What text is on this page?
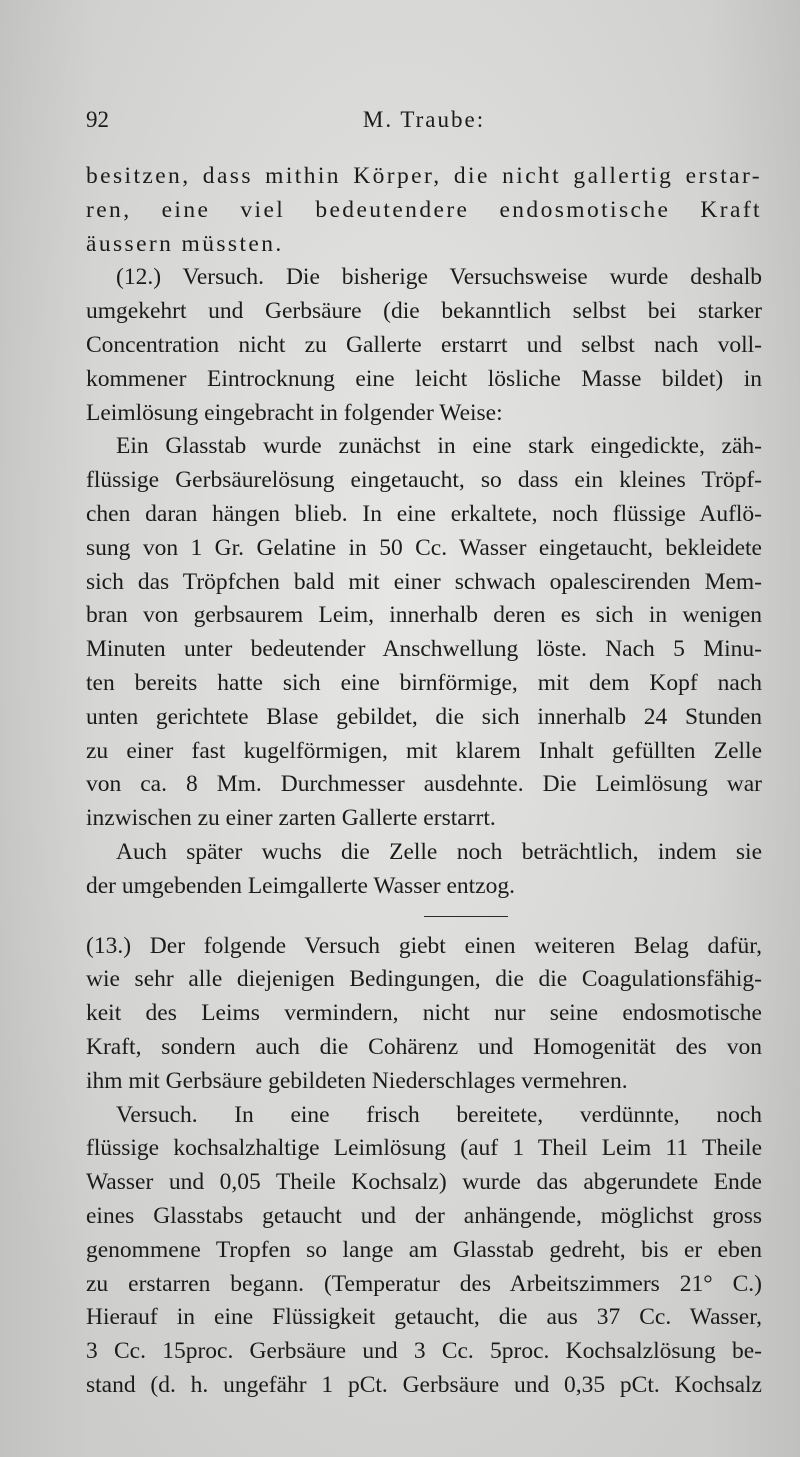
92	M. Traube:
besitzen, dass mithin Körper, die nicht gallertig erstar-
ren, eine viel bedeutendere endosmotische Kraft
äussern müssten.
(12.) Versuch. Die bisherige Versuchsweise wurde deshalb
umgekehrt und Gerbsäure (die bekanntlich selbst bei starker
Concentration nicht zu Gallerte erstarrt und selbst nach voll-
kommener Eintrocknung eine leicht lösliche Masse bildet) in
Leimlösung eingebracht in folgender Weise:
Ein Glasstab wurde zunächst in eine stark eingedickte, zäh-
flüssige Gerbsäurelösung eingetaucht, so dass ein kleines Tröpf-
chen daran hängen blieb. In eine erkaltete, noch flüssige Auflö-
sung von 1 Gr. Gelatine in 50 Cc. Wasser eingetaucht, bekleidete
sich das Tröpfchen bald mit einer schwach opalescirenden Mem-
bran von gerbsaurem Leim, innerhalb deren es sich in wenigen
Minuten unter bedeutender Anschwellung löste. Nach 5 Minu-
ten bereits hatte sich eine birnförmige, mit dem Kopf nach
unten gerichtete Blase gebildet, die sich innerhalb 24 Stunden
zu einer fast kugelförmigen, mit klarem Inhalt gefüllten Zelle
von ca. 8 Mm. Durchmesser ausdehnte. Die Leimlösung war
inzwischen zu einer zarten Gallerte erstarrt.
Auch später wuchs die Zelle noch beträchtlich, indem sie
der umgebenden Leimgallerte Wasser entzog.
(13.) Der folgende Versuch giebt einen weiteren Belag dafür,
wie sehr alle diejenigen Bedingungen, die die Coagulationsfähig-
keit des Leims vermindern, nicht nur seine endosmotische
Kraft, sondern auch die Cohärenz und Homogenität des von
ihm mit Gerbsäure gebildeten Niederschlages vermehren.
Versuch. In eine frisch bereitete, verdünnte, noch
flüssige kochsalzhaltige Leimlösung (auf 1 Theil Leim 11 Theile
Wasser und 0,05 Theile Kochsalz) wurde das abgerundete Ende
eines Glasstabs getaucht und der anhängende, möglichst gross
genommene Tropfen so lange am Glasstab gedreht, bis er eben
zu erstarren begann. (Temperatur des Arbeitszimmers 21° C.)
Hierauf in eine Flüssigkeit getaucht, die aus 37 Cc. Wasser,
3 Cc. 15proc. Gerbsäure und 3 Cc. 5proc. Kochsalzlösung be-
stand (d. h. ungefähr 1 pCt. Gerbsäure und 0,35 pCt. Kochsalz
